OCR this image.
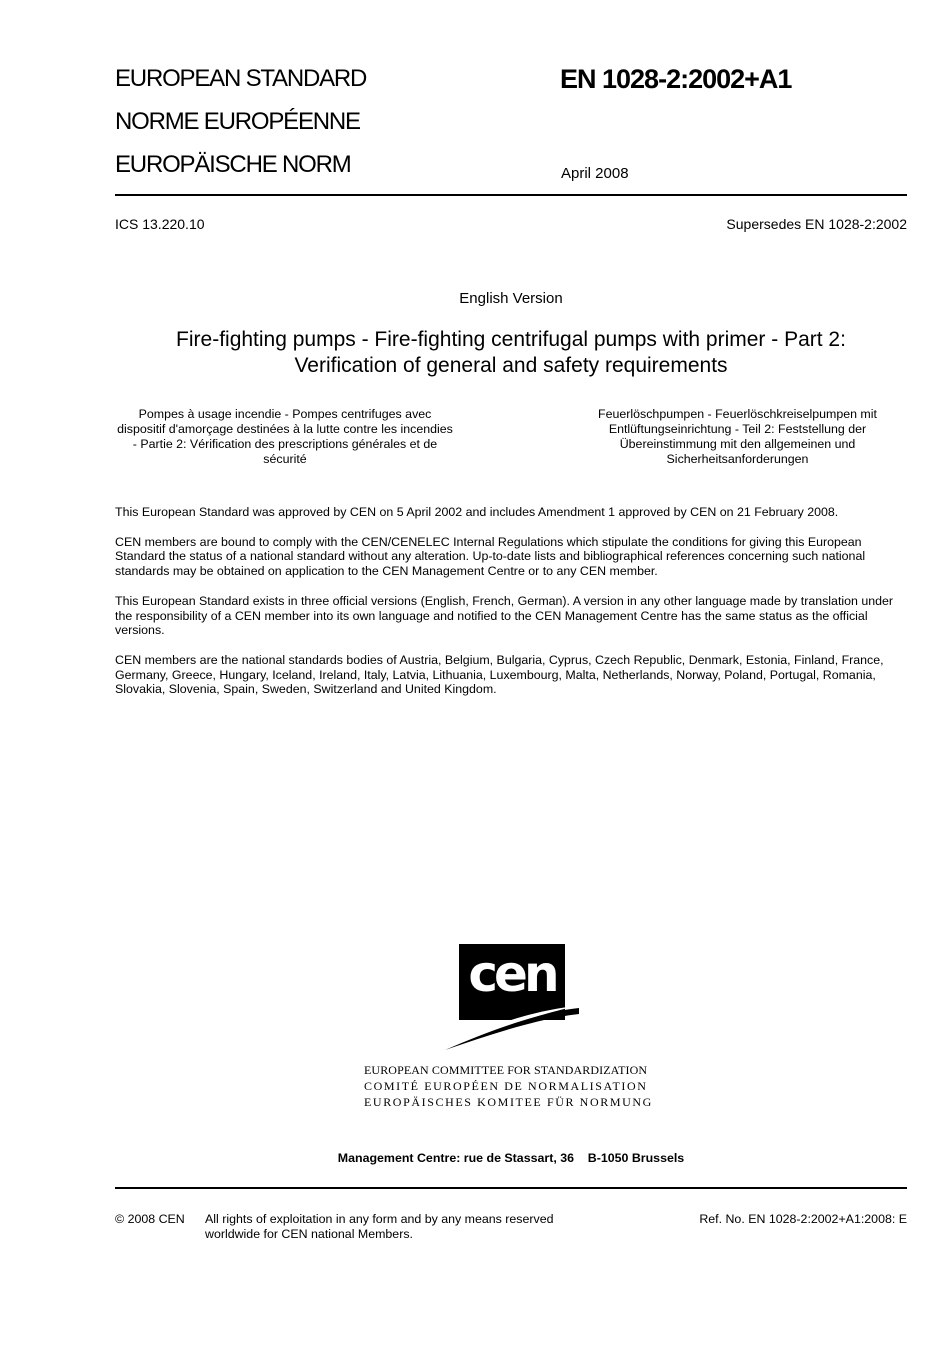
EUROPEAN STANDARD
NORME EUROPÉENNE
EUROPÄISCHE NORM
EN 1028-2:2002+A1
April 2008
ICS 13.220.10	Supersedes EN 1028-2:2002
English Version
Fire-fighting pumps - Fire-fighting centrifugal pumps with primer - Part 2: Verification of general and safety requirements
Pompes à usage incendie - Pompes centrifuges avec dispositif d'amorçage destinées à la lutte contre les incendies - Partie 2: Vérification des prescriptions générales et de sécurité
Feuerlöschpumpen - Feuerlöschkreiselpumpen mit Entlüftungseinrichtung - Teil 2: Feststellung der Übereinstimmung mit den allgemeinen und Sicherheitsanforderungen

This European Standard was approved by CEN on 5 April 2002 and includes Amendment 1 approved by CEN on 21 February 2008.

CEN members are bound to comply with the CEN/CENELEC Internal Regulations which stipulate the conditions for giving this European Standard the status of a national standard without any alteration. Up-to-date lists and bibliographical references concerning such national standards may be obtained on application to the CEN Management Centre or to any CEN member.

This European Standard exists in three official versions (English, French, German). A version in any other language made by translation under the responsibility of a CEN member into its own language and notified to the CEN Management Centre has the same status as the official versions.

CEN members are the national standards bodies of Austria, Belgium, Bulgaria, Cyprus, Czech Republic, Denmark, Estonia, Finland, France, Germany, Greece, Hungary, Iceland, Ireland, Italy, Latvia, Lithuania, Luxembourg, Malta, Netherlands, Norway, Poland, Portugal, Romania, Slovakia, Slovenia, Spain, Sweden, Switzerland and United Kingdom.

cen
EUROPEAN COMMITTEE FOR STANDARDIZATION
COMITÉ EUROPÉEN DE NORMALISATION
EUROPÄISCHES KOMITEE FÜR NORMUNG
Management Centre: rue de Stassart, 36    B-1050 Brussels
© 2008 CEN All rights of exploitation in any form and by any means reserved worldwide for CEN national Members.
Ref. No. EN 1028-2:2002+A1:2008: E
